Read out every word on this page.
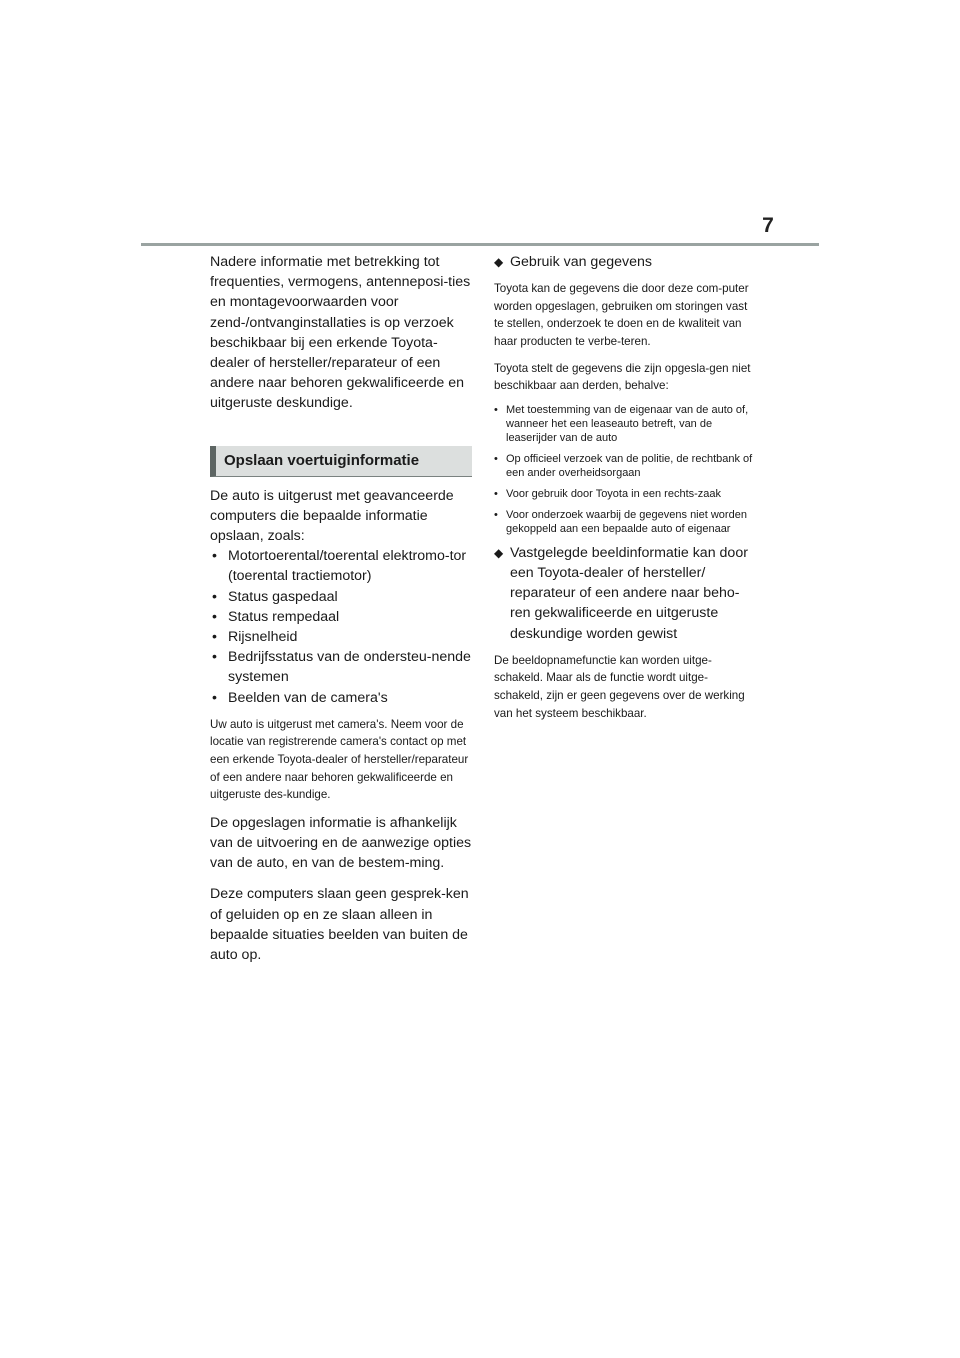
7

Nadere informatie met betrekking tot frequenties, vermogens, antenneposi-ties en montagevoorwaarden voor zend-/ontvanginstallaties is op verzoek beschikbaar bij een erkende Toyota-dealer of hersteller/reparateur of een andere naar behoren gekwalificeerde en uitgeruste deskundige.

Opslaan voertuiginformatie

De auto is uitgerust met geavanceerde computers die bepaalde informatie opslaan, zoals:

• Motortoerental/toerental elektromo-tor (toerental tractiemotor)
• Status gaspedaal
• Status rempedaal
• Rijsnelheid
• Bedrijfsstatus van de ondersteu-nende systemen
• Beelden van de camera's

Uw auto is uitgerust met camera's. Neem voor de locatie van registrerende camera's contact op met een erkende Toyota-dealer of hersteller/reparateur of een andere naar behoren gekwalificeerde en uitgeruste des-kundige.

De opgeslagen informatie is afhankelijk van de uitvoering en de aanwezige opties van de auto, en van de bestem-ming.

Deze computers slaan geen gesprek-ken of geluiden op en ze slaan alleen in bepaalde situaties beelden van buiten de auto op.

◆ Gebruik van gegevens

Toyota kan de gegevens die door deze com-puter worden opgeslagen, gebruiken om storingen vast te stellen, onderzoek te doen en de kwaliteit van haar producten te verbe-teren.

Toyota stelt de gegevens die zijn opgesla-gen niet beschikbaar aan derden, behalve:

• Met toestemming van de eigenaar van de auto of, wanneer het een leaseauto betreft, van de leaserijder van de auto
• Op officieel verzoek van de politie, de rechtbank of een ander overheidsorgaan
• Voor gebruik door Toyota in een rechts-zaak
• Voor onderzoek waarbij de gegevens niet worden gekoppeld aan een bepaalde auto of eigenaar
◆ Vastgelegde beeldinformatie kan door een Toyota-dealer of hersteller/ reparateur of een andere naar beho-ren gekwalificeerde en uitgeruste deskundige worden gewist

De beeldopnamefunctie kan worden uitge-schakeld. Maar als de functie wordt uitge-schakeld, zijn er geen gegevens over de werking van het systeem beschikbaar.
